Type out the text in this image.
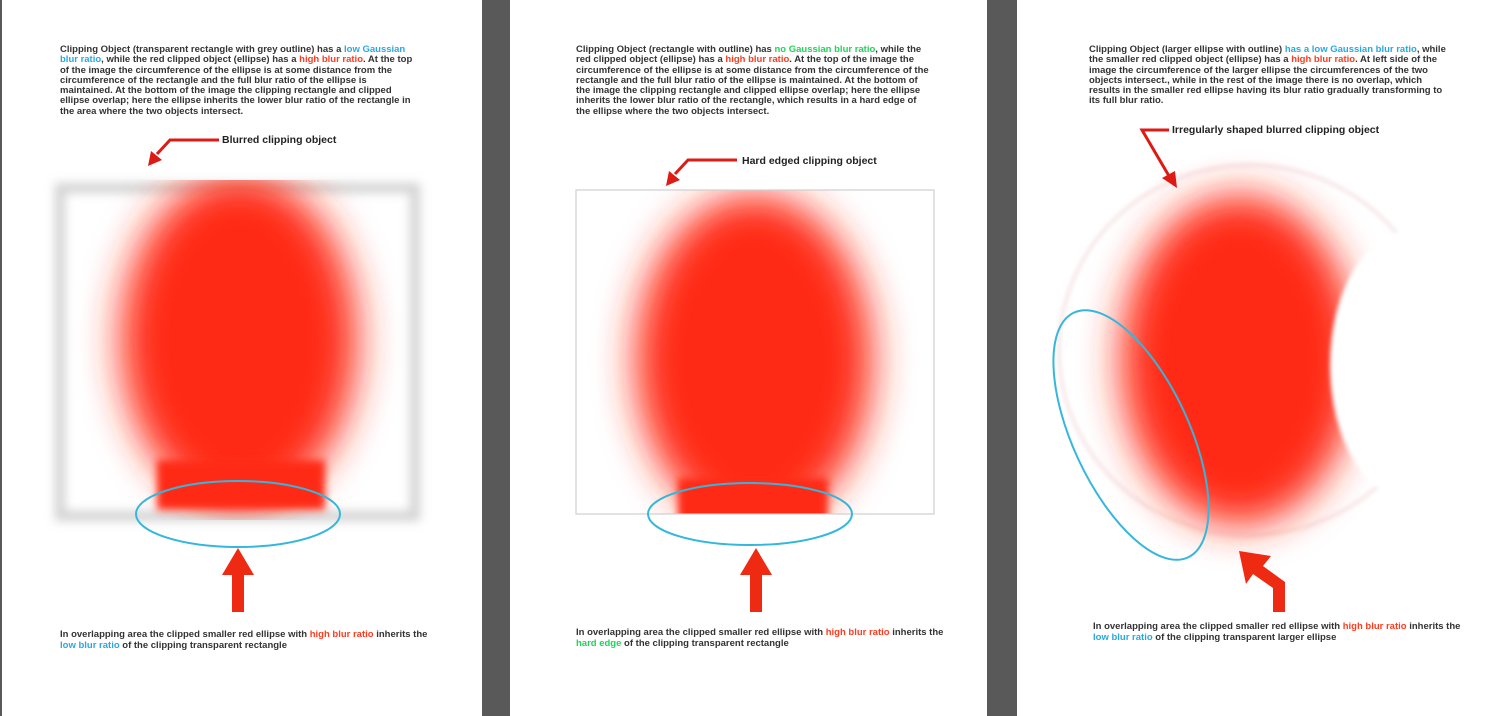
Clipping Object (transparent rectangle with grey outline) has a low Gaussian blur ratio, while the red clipped object (ellipse) has a high blur ratio. At the top of the image the circumference of the ellipse is at some distance from the circumference of the rectangle and the full blur ratio of the ellipse is maintained. At the bottom of the image the clipping rectangle and clipped ellipse overlap; here the ellipse inherits the lower blur ratio of the rectangle in the area where the two objects intersect.
Blurred clipping object
In overlapping area the clipped smaller red ellipse with high blur ratio inherits the low blur ratio of the clipping transparent rectangle
Clipping Object (rectangle with outline) has no Gaussian blur ratio, while the red clipped object (ellipse) has a high blur ratio. At the top of the image the circumference of the ellipse is at some distance from the circumference of the rectangle and the full blur ratio of the ellipse is maintained. At the bottom of the image the clipping rectangle and clipped ellipse overlap; here the ellipse inherits the lower blur ratio of the rectangle, which results in a hard edge of the ellipse where the two objects intersect.
Hard edged clipping object
In overlapping area the clipped smaller red ellipse with high blur ratio inherits the hard edge of the clipping transparent rectangle
Clipping Object (larger ellipse with outline) has a low Gaussian blur ratio, while the smaller red clipped object (ellipse) has a high blur ratio. At left side of the image the circumference of the larger ellipse the circumferences of the two objects intersect., while in the rest of the image there is no overlap, which results in the smaller red ellipse having its blur ratio gradually transforming to its full blur ratio.
Irregularly shaped blurred clipping object
In overlapping area the clipped smaller red ellipse with high blur ratio inherits the low blur ratio of the clipping transparent larger ellipse
